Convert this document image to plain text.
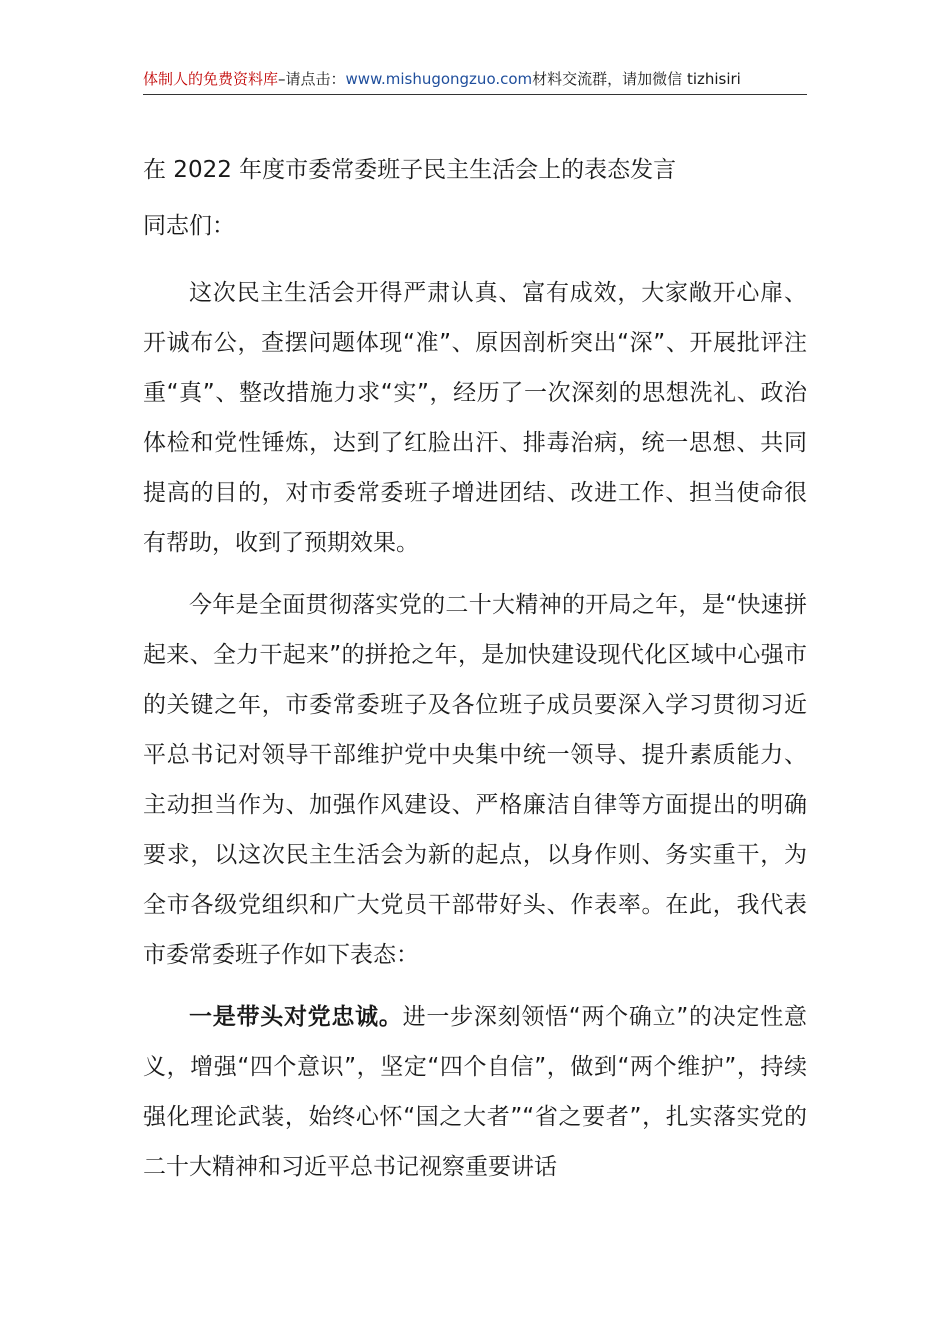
体制人的免费资料库–请点击：www.mishugongzuo.com材料交流群，请加微信 tizhisiri
在 2022 年度市委常委班子民主生活会上的表态发言

同志们：

这次民主生活会开得严肃认真、富有成效，大家敞开心扉、开诚布公，查摆问题体现“准”、原因剖析突出“深”、开展批评注重“真”、整改措施力求“实”，经历了一次深刻的思想洗礼、政治体检和党性锤炼，达到了红脸出汗、排毒治病，统一思想、共同提高的目的，对市委常委班子增进团结、改进工作、担当使命很有帮助，收到了预期效果。

今年是全面贯彻落实党的二十大精神的开局之年，是“快速拼起来、全力干起来”的拼抢之年，是加快建设现代化区域中心强市的关键之年，市委常委班子及各位班子成员要深入学习贯彻习近平总书记对领导干部维护党中央集中统一领导、提升素质能力、主动担当作为、加强作风建设、严格廉洁自律等方面提出的明确要求，以这次民主生活会为新的起点，以身作则、务实重干，为全市各级党组织和广大党员干部带好头、作表率。在此，我代表市委常委班子作如下表态：

一是带头对党忠诚。进一步深刻领悟“两个确立”的决定性意义，增强“四个意识”，坚定“四个自信”，做到“两个维护”，持续强化理论武装，始终心怀“国之大者”“省之要者”，扎实落实党的二十大精神和习近平总书记视察重要讲话
